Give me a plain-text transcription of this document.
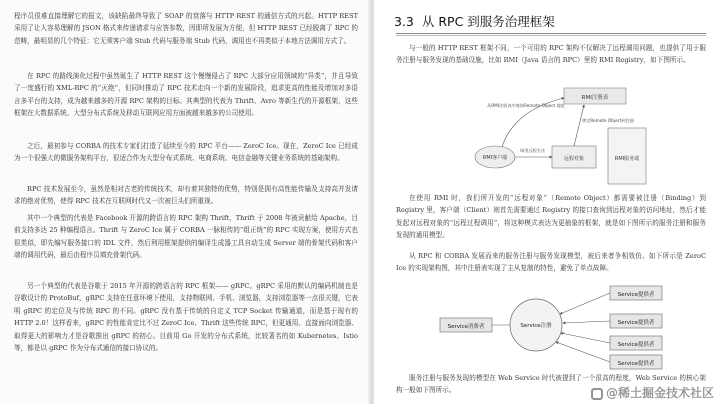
程序员很难直接理解它的报文，该缺陷最终导致了 SOAP 的衰落与 HTTP REST 的通信方式的兴起。HTTP REST 采用了让人容易理解的 JSON 格式来传递请求与应答参数，因即所发展为方便，但 HTTP REST 已经脱离了 RPC 的范畴，最明显的几个特征：它无须客户端 Stub 代码与服务端 Stub 代码，调用也不再类似于本地方法调用方式了。

在 RPC 的路线演化过程中虽然诞生了 HTTP REST 这个慢慢侵占了 RPC 大部分应用领域的“异类”，并且导致了一度盛行的 XML-RPC 的“灭绝”，但同时推动了 RPC 技术走向一个新的发展阶段，追求更高的性能及增加对多语言多平台的支持，成为越来越多的开源 RPC 架构的目标。其典型的代表为 Thrift、Avro 等新生代的开源框架，这些框架在大数据系统、大型分布式系统及移动互联网应用方面被越来越多的公司使用。

之后，最初参与 CORBA 的技术专家们打造了延续至今的 RPC 平台—— ZeroC Ice。现在，ZeroC Ice 已经成为一个很强大的微服务架构平台，很适合作为大型分布式系统、电商系统、电信金融等关键业务系统的基础架构。

RPC 技术发展至今，虽然是相对古老的传统技术，却有着其独特的优势，特别是拥有高性能传输及支持高并发请求的绝对优势，使得 RPC 技术在互联网时代又一次被巨头们所重视。

其中一个典型的代表是 Facebook 开源的跨语言的 RPC 架构 Thrift，Thrift 于 2008 年被贡献给 Apache，目前支持多达 25 种编程语言。Thrift 与 ZeroC Ice 属于 CORBA 一脉相传的“组正统”的 RPC 实现方案，使用方式也很类似，即先编写服务接口的 IDL 文件，然后利用框架提供的编译生成器工具自动生成 Server 端的骨架代码和客户端的调用代码，最后由程序员填充骨架代码。

另一个典型的代表是谷歌于 2015 年开源的跨语言的 RPC 框架—— gRPC。gRPC 采用的默认的编码机制也是谷歌设计的 ProtoBuf，gRPC 支持在任意环境下使用，支持物联网、手机、浏览器，支持浏览器等一点很关键，它表明 gRPC 的定位及与传统 RPC 的不同。gRPC 没有基于传统的自定义 TCP Socket 传输通道，而是基于现有的 HTTP 2.0！这样看来，gRPC 的性能肯定比不过 ZeroC Ice、Thrift 这些传统 RPC，但更通用、直接面向浏览器、取得更大的影响力才是谷歌推出 gRPC 的初心。目前用 Go 开发的分布式系统，比较著名的如 Kubernetes、Istio 等，都是以 gRPC 作为分布式通信的接口协议的。

3.3 从 RPC 到服务治理框架

与一般的 HTTP REST 框架不同，一个可用的 RPC 架构不仅解决了远程调用问题，也提供了用于服务注册与服务发现的基础设施，比如 RMI（Java 语言的 RPC）里的 RMI Registry，如下图所示。

RMI注册表
RMI客户端	远程对象	RMI服务端
从RMI注册表中查询Remote Object 地址
绑定Remote Object到注册
调用远程方法
Service消费者	Service注册
Service提供者
Service提供者
Service提供者
Service提供者

在使用 RMI 时，我们所开发的“远程对象”（Remote Object）都需要被注册（Binding）到 Registry 里，客户端（Client）则首先需要通过 Registry 的接口查询到远程对象的访问地址，然后才能发起对远程对象的“远程过程调用”，将这种模式表达为更抽象的框架，就是如下图所示的服务注册和服务发现的通用模型。

从 RPC 和 CORBA 发展而来的服务注册与服务发现模型，被后来者争相效仿。如下所示是 ZeroC Ice 的实现架构图，其中注册表实现了主从复制的特性，避免了单点故障。

服务注册与服务发现的模型在 Web Service 时代被提到了一个很高的程度，Web Service 的核心架构一般如下图所示。	@稀土掘金技术社区
